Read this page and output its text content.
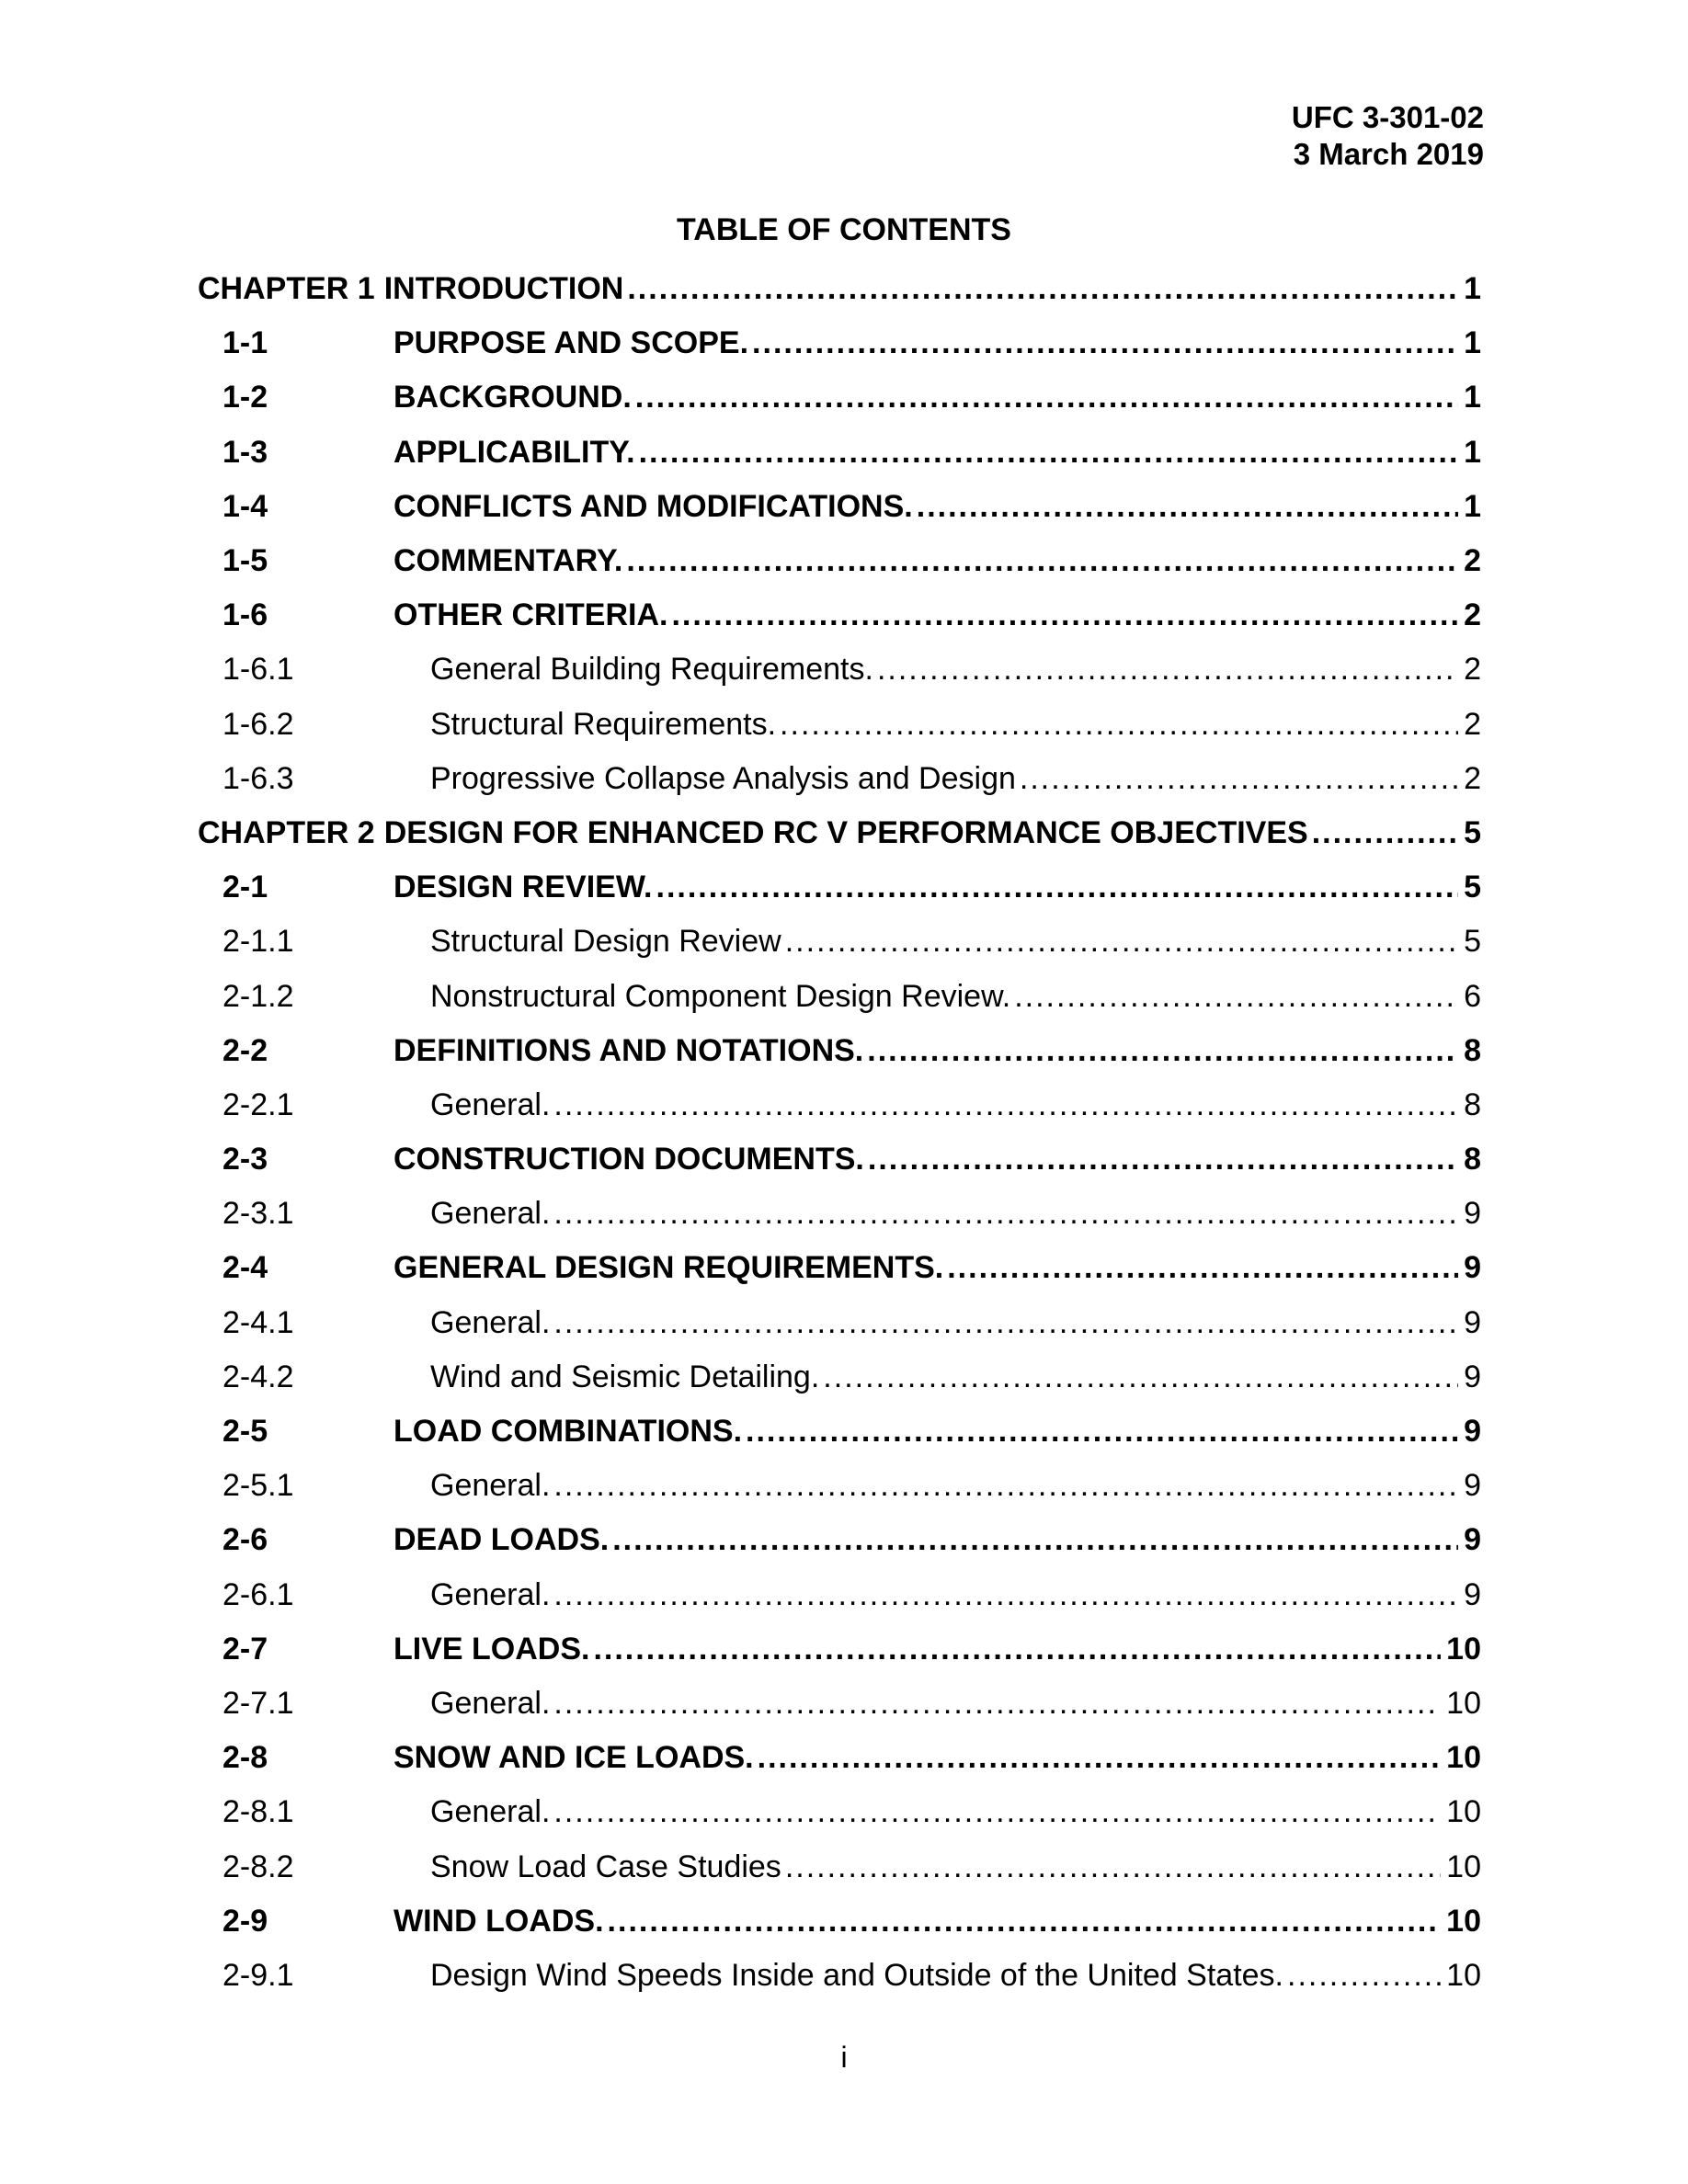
UFC 3-301-02
3 March 2019
TABLE OF CONTENTS
CHAPTER 1 INTRODUCTION .....	1
1-1	PURPOSE AND SCOPE. .....	1
1-2	BACKGROUND. .....	1
1-3	APPLICABILITY. .....	1
1-4	CONFLICTS AND MODIFICATIONS. .....	1
1-5	COMMENTARY. .....	2
1-6	OTHER CRITERIA. .....	2
1-6.1	General Building Requirements. .....	2
1-6.2	Structural Requirements. .....	2
1-6.3	Progressive Collapse Analysis and Design .....	2
CHAPTER 2 DESIGN FOR ENHANCED RC V PERFORMANCE OBJECTIVES .....	5
2-1	DESIGN REVIEW. .....	5
2-1.1	Structural Design Review .....	5
2-1.2	Nonstructural Component Design Review. .....	6
2-2	DEFINITIONS AND NOTATIONS. .....	8
2-2.1	General. .....	8
2-3	CONSTRUCTION DOCUMENTS. .....	8
2-3.1	General. .....	9
2-4	GENERAL DESIGN REQUIREMENTS. .....	9
2-4.1	General. .....	9
2-4.2	Wind and Seismic Detailing. .....	9
2-5	LOAD COMBINATIONS. .....	9
2-5.1	General. .....	9
2-6	DEAD LOADS. .....	9
2-6.1	General. .....	9
2-7	LIVE LOADS. .....	10
2-7.1	General. .....	10
2-8	SNOW AND ICE LOADS. .....	10
2-8.1	General. .....	10
2-8.2	Snow Load Case Studies .....	10
2-9	WIND LOADS. .....	10
2-9.1	Design Wind Speeds Inside and Outside of the United States. .....	10
i
